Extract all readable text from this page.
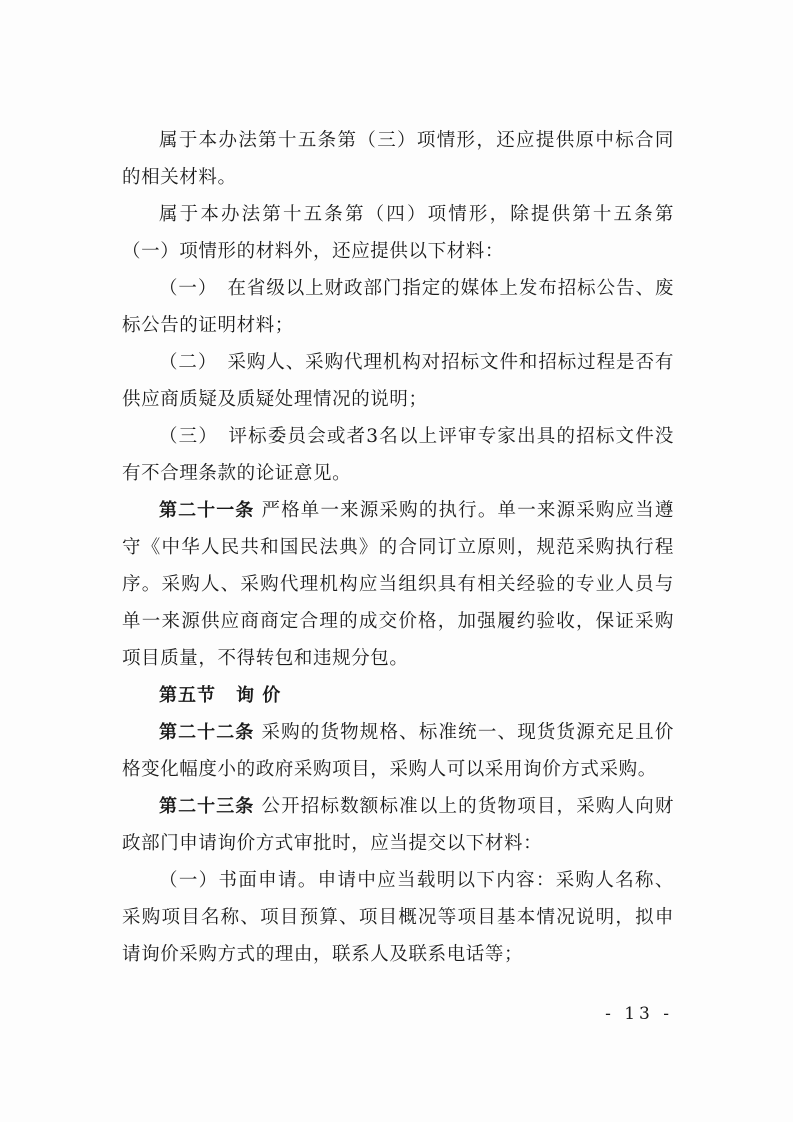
属于本办法第十五条第（三）项情形，还应提供原中标合同的相关材料。

属于本办法第十五条第（四）项情形，除提供第十五条第（一）项情形的材料外，还应提供以下材料：

（一）　在省级以上财政部门指定的媒体上发布招标公告、废标公告的证明材料；

（二）　采购人、采购代理机构对招标文件和招标过程是否有供应商质疑及质疑处理情况的说明；

（三）　评标委员会或者3名以上评审专家出具的招标文件没有不合理条款的论证意见。

第二十一条 严格单一来源采购的执行。单一来源采购应当遵守《中华人民共和国民法典》的合同订立原则，规范采购执行程序。采购人、采购代理机构应当组织具有相关经验的专业人员与单一来源供应商商定合理的成交价格，加强履约验收，保证采购项目质量，不得转包和违规分包。

第五节 询 价

第二十二条 采购的货物规格、标准统一、现货货源充足且价格变化幅度小的政府采购项目，采购人可以采用询价方式采购。

第二十三条 公开招标数额标准以上的货物项目，采购人向财政部门申请询价方式审批时，应当提交以下材料：

（一）书面申请。申请中应当载明以下内容：采购人名称、采购项目名称、项目预算、项目概况等项目基本情况说明，拟申请询价采购方式的理由，联系人及联系电话等；

- 13 -
